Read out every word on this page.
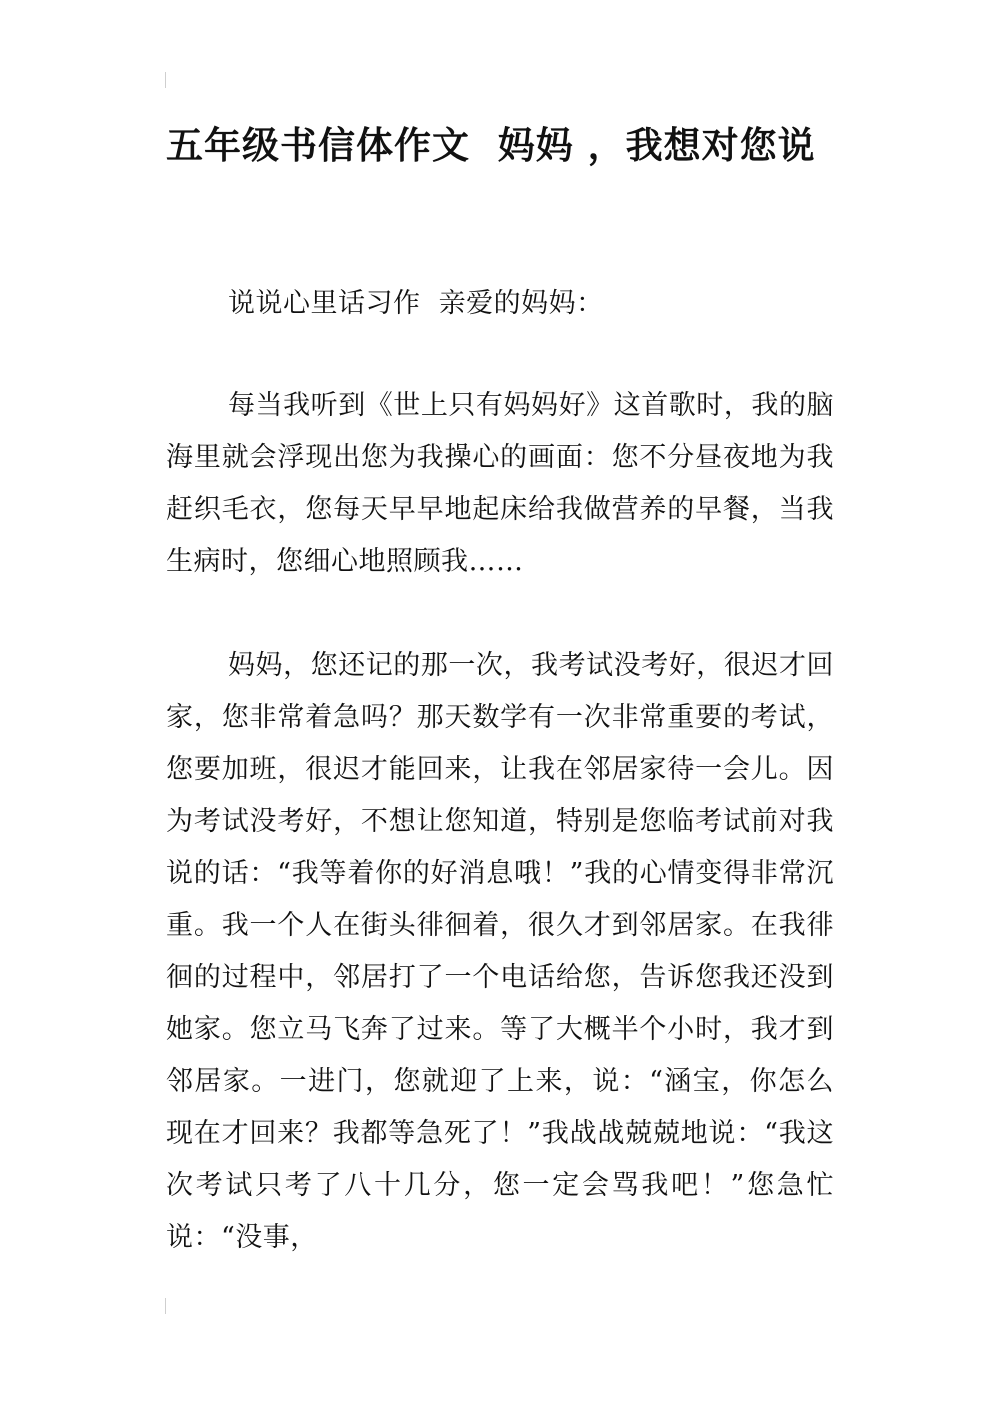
五年级书信体作文  妈妈 ，我想对您说

说说心里话习作  亲爱的妈妈：

每当我听到《世上只有妈妈好》这首歌时，我的脑海里就会浮现出您为我操心的画面：您不分昼夜地为我赶织毛衣，您每天早早地起床给我做营养的早餐，当我生病时，您细心地照顾我……

妈妈，您还记的那一次，我考试没考好，很迟才回家，您非常着急吗？那天数学有一次非常重要的考试，您要加班，很迟才能回来，让我在邻居家待一会儿。因为考试没考好，不想让您知道，特别是您临考试前对我说的话：“我等着你的好消息哦！”我的心情变得非常沉重。我一个人在街头徘徊着，很久才到邻居家。在我徘徊的过程中，邻居打了一个电话给您，告诉您我还没到她家。您立马飞奔了过来。等了大概半个小时，我才到邻居家。一进门，您就迎了上来，说：“涵宝，你怎么现在才回来？我都等急死了！”我战战兢兢地说：“我这次考试只考了八十几分，您一定会骂我吧！”您急忙说：“没事，
